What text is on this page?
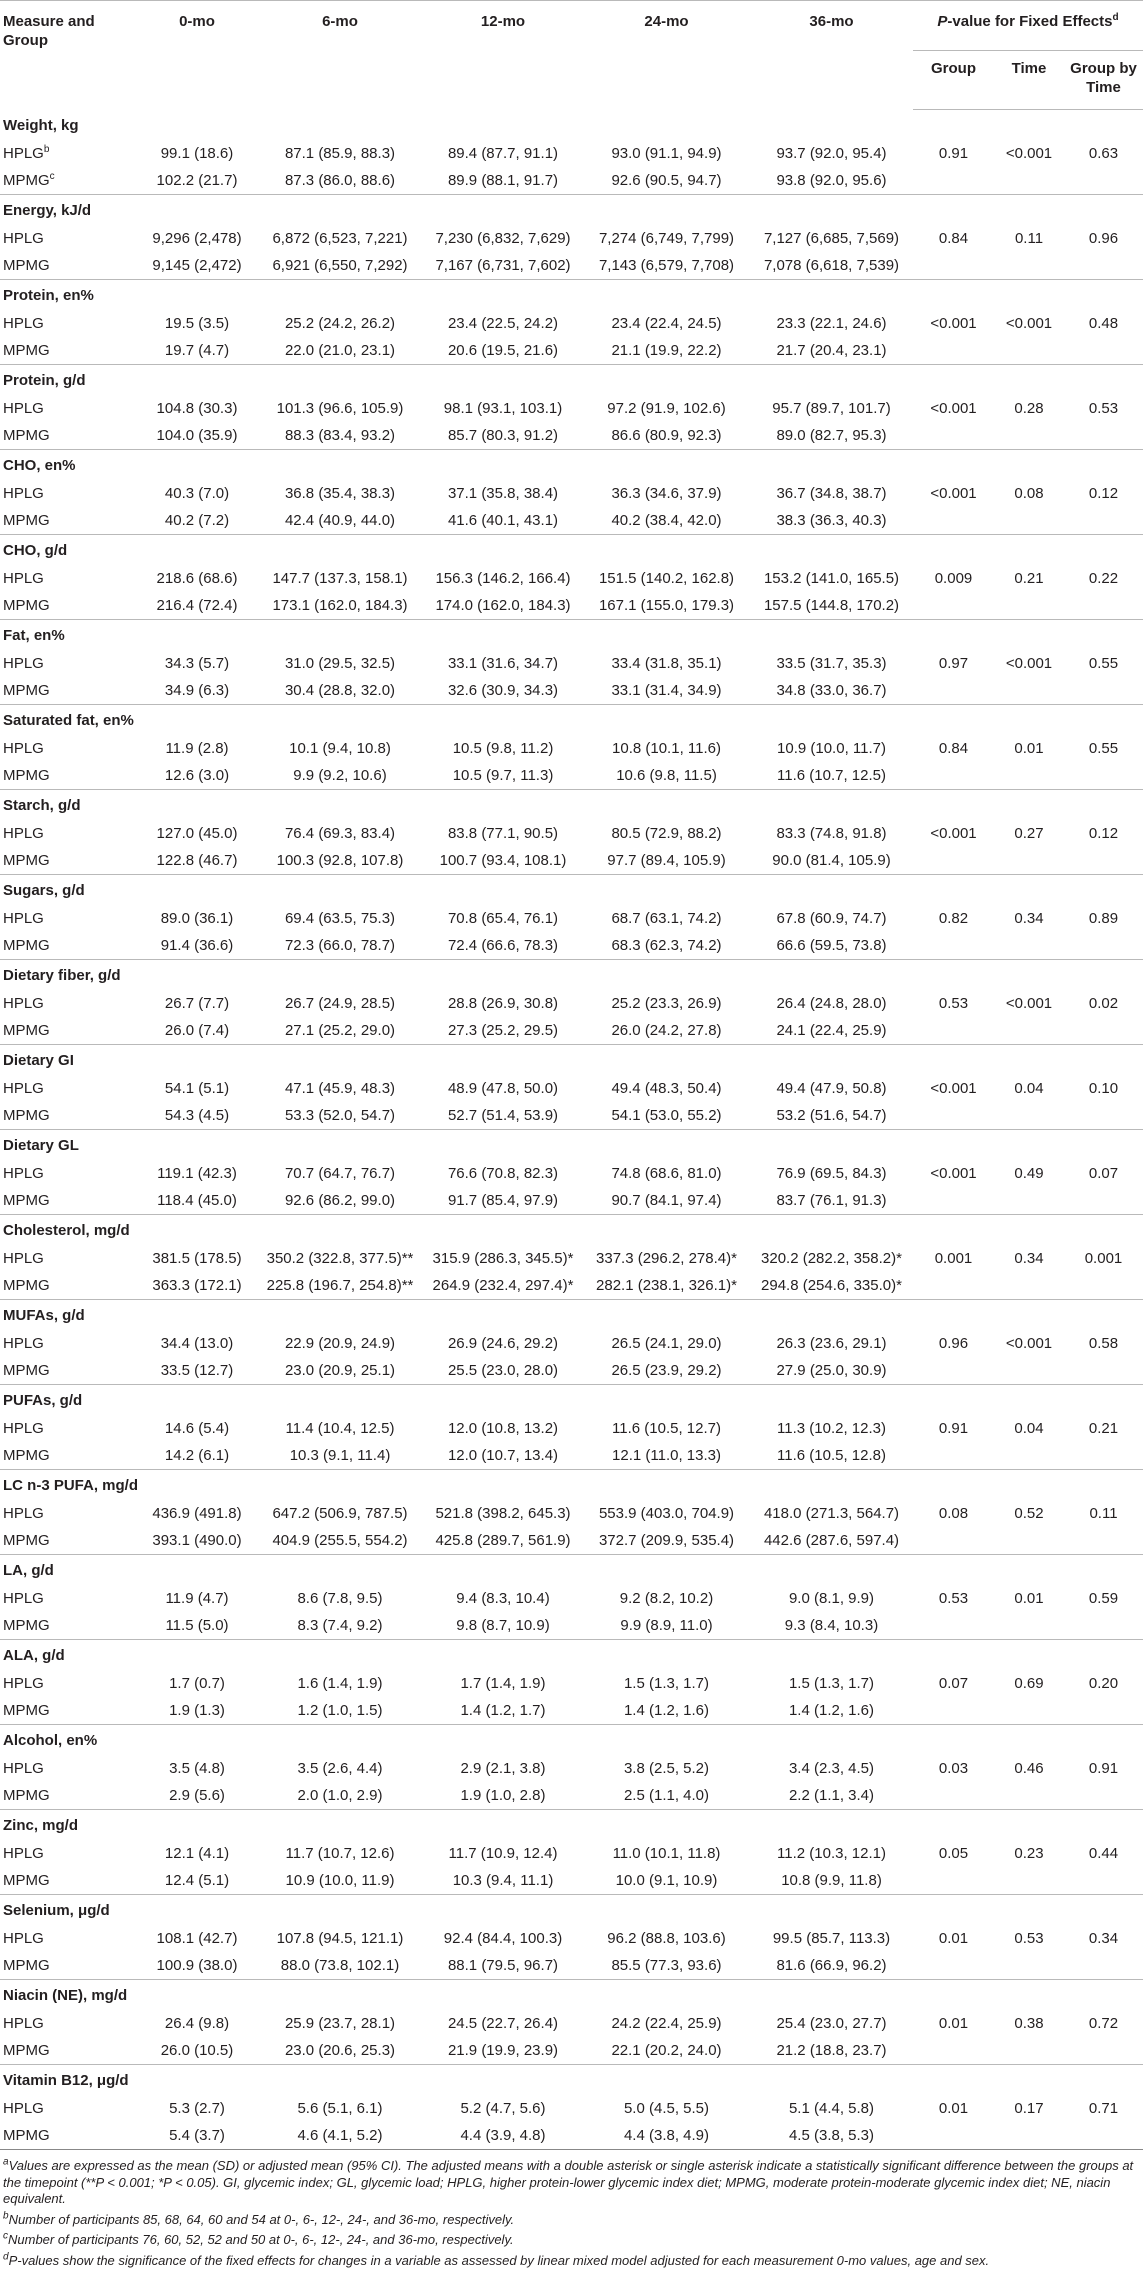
Measure and Group	0-mo	6-mo	12-mo	24-mo	36-mo	P-value for Fixed Effects$^d$
						Group	Time	Group by Time
Weight, kg								
HPLG$^b$	99.1 (18.6)	87.1 (85.9, 88.3)	89.4 (87.7, 91.1)	93.0 (91.1, 94.9)	93.7 (92.0, 95.4)	0.91	<0.001	0.63
MPMG$^c$	102.2 (21.7)	87.3 (86.0, 88.6)	89.9 (88.1, 91.7)	92.6 (90.5, 94.7)	93.8 (92.0, 95.6)			
Energy, kJ/d								
HPLG	9,296 (2,478)	6,872 (6,523, 7,221)	7,230 (6,832, 7,629)	7,274 (6,749, 7,799)	7,127 (6,685, 7,569)	0.84	0.11	0.96
MPMG	9,145 (2,472)	6,921 (6,550, 7,292)	7,167 (6,731, 7,602)	7,143 (6,579, 7,708)	7,078 (6,618, 7,539)			
Protein, en%								
HPLG	19.5 (3.5)	25.2 (24.2, 26.2)	23.4 (22.5, 24.2)	23.4 (22.4, 24.5)	23.3 (22.1, 24.6)	<0.001	<0.001	0.48
MPMG	19.7 (4.7)	22.0 (21.0, 23.1)	20.6 (19.5, 21.6)	21.1 (19.9, 22.2)	21.7 (20.4, 23.1)			
Protein, g/d								
HPLG	104.8 (30.3)	101.3 (96.6, 105.9)	98.1 (93.1, 103.1)	97.2 (91.9, 102.6)	95.7 (89.7, 101.7)	<0.001	0.28	0.53
MPMG	104.0 (35.9)	88.3 (83.4, 93.2)	85.7 (80.3, 91.2)	86.6 (80.9, 92.3)	89.0 (82.7, 95.3)			
CHO, en%								
HPLG	40.3 (7.0)	36.8 (35.4, 38.3)	37.1 (35.8, 38.4)	36.3 (34.6, 37.9)	36.7 (34.8, 38.7)	<0.001	0.08	0.12
MPMG	40.2 (7.2)	42.4 (40.9, 44.0)	41.6 (40.1, 43.1)	40.2 (38.4, 42.0)	38.3 (36.3, 40.3)			
CHO, g/d								
HPLG	218.6 (68.6)	147.7 (137.3, 158.1)	156.3 (146.2, 166.4)	151.5 (140.2, 162.8)	153.2 (141.0, 165.5)	0.009	0.21	0.22
MPMG	216.4 (72.4)	173.1 (162.0, 184.3)	174.0 (162.0, 184.3)	167.1 (155.0, 179.3)	157.5 (144.8, 170.2)			
Fat, en%								
HPLG	34.3 (5.7)	31.0 (29.5, 32.5)	33.1 (31.6, 34.7)	33.4 (31.8, 35.1)	33.5 (31.7, 35.3)	0.97	<0.001	0.55
MPMG	34.9 (6.3)	30.4 (28.8, 32.0)	32.6 (30.9, 34.3)	33.1 (31.4, 34.9)	34.8 (33.0, 36.7)			
Saturated fat, en%								
HPLG	11.9 (2.8)	10.1 (9.4, 10.8)	10.5 (9.8, 11.2)	10.8 (10.1, 11.6)	10.9 (10.0, 11.7)	0.84	0.01	0.55
MPMG	12.6 (3.0)	9.9 (9.2, 10.6)	10.5 (9.7, 11.3)	10.6 (9.8, 11.5)	11.6 (10.7, 12.5)			
Starch, g/d								
HPLG	127.0 (45.0)	76.4 (69.3, 83.4)	83.8 (77.1, 90.5)	80.5 (72.9, 88.2)	83.3 (74.8, 91.8)	<0.001	0.27	0.12
MPMG	122.8 (46.7)	100.3 (92.8, 107.8)	100.7 (93.4, 108.1)	97.7 (89.4, 105.9)	90.0 (81.4, 105.9)			
Sugars, g/d								
HPLG	89.0 (36.1)	69.4 (63.5, 75.3)	70.8 (65.4, 76.1)	68.7 (63.1, 74.2)	67.8 (60.9, 74.7)	0.82	0.34	0.89
MPMG	91.4 (36.6)	72.3 (66.0, 78.7)	72.4 (66.6, 78.3)	68.3 (62.3, 74.2)	66.6 (59.5, 73.8)			
Dietary fiber, g/d								
HPLG	26.7 (7.7)	26.7 (24.9, 28.5)	28.8 (26.9, 30.8)	25.2 (23.3, 26.9)	26.4 (24.8, 28.0)	0.53	<0.001	0.02
MPMG	26.0 (7.4)	27.1 (25.2, 29.0)	27.3 (25.2, 29.5)	26.0 (24.2, 27.8)	24.1 (22.4, 25.9)			
Dietary GI								
HPLG	54.1 (5.1)	47.1 (45.9, 48.3)	48.9 (47.8, 50.0)	49.4 (48.3, 50.4)	49.4 (47.9, 50.8)	<0.001	0.04	0.10
MPMG	54.3 (4.5)	53.3 (52.0, 54.7)	52.7 (51.4, 53.9)	54.1 (53.0, 55.2)	53.2 (51.6, 54.7)			
Dietary GL								
HPLG	119.1 (42.3)	70.7 (64.7, 76.7)	76.6 (70.8, 82.3)	74.8 (68.6, 81.0)	76.9 (69.5, 84.3)	<0.001	0.49	0.07
MPMG	118.4 (45.0)	92.6 (86.2, 99.0)	91.7 (85.4, 97.9)	90.7 (84.1, 97.4)	83.7 (76.1, 91.3)			
Cholesterol, mg/d								
HPLG	381.5 (178.5)	350.2 (322.8, 377.5)**	315.9 (286.3, 345.5)*	337.3 (296.2, 278.4)*	320.2 (282.2, 358.2)*	0.001	0.34	0.001
MPMG	363.3 (172.1)	225.8 (196.7, 254.8)**	264.9 (232.4, 297.4)*	282.1 (238.1, 326.1)*	294.8 (254.6, 335.0)*			
MUFAs, g/d								
HPLG	34.4 (13.0)	22.9 (20.9, 24.9)	26.9 (24.6, 29.2)	26.5 (24.1, 29.0)	26.3 (23.6, 29.1)	0.96	<0.001	0.58
MPMG	33.5 (12.7)	23.0 (20.9, 25.1)	25.5 (23.0, 28.0)	26.5 (23.9, 29.2)	27.9 (25.0, 30.9)			
PUFAs, g/d								
HPLG	14.6 (5.4)	11.4 (10.4, 12.5)	12.0 (10.8, 13.2)	11.6 (10.5, 12.7)	11.3 (10.2, 12.3)	0.91	0.04	0.21
MPMG	14.2 (6.1)	10.3 (9.1, 11.4)	12.0 (10.7, 13.4)	12.1 (11.0, 13.3)	11.6 (10.5, 12.8)			
LC n-3 PUFA, mg/d								
HPLG	436.9 (491.8)	647.2 (506.9, 787.5)	521.8 (398.2, 645.3)	553.9 (403.0, 704.9)	418.0 (271.3, 564.7)	0.08	0.52	0.11
MPMG	393.1 (490.0)	404.9 (255.5, 554.2)	425.8 (289.7, 561.9)	372.7 (209.9, 535.4)	442.6 (287.6, 597.4)			
LA, g/d								
HPLG	11.9 (4.7)	8.6 (7.8, 9.5)	9.4 (8.3, 10.4)	9.2 (8.2, 10.2)	9.0 (8.1, 9.9)	0.53	0.01	0.59
MPMG	11.5 (5.0)	8.3 (7.4, 9.2)	9.8 (8.7, 10.9)	9.9 (8.9, 11.0)	9.3 (8.4, 10.3)			
ALA, g/d								
HPLG	1.7 (0.7)	1.6 (1.4, 1.9)	1.7 (1.4, 1.9)	1.5 (1.3, 1.7)	1.5 (1.3, 1.7)	0.07	0.69	0.20
MPMG	1.9 (1.3)	1.2 (1.0, 1.5)	1.4 (1.2, 1.7)	1.4 (1.2, 1.6)	1.4 (1.2, 1.6)			
Alcohol, en%								
HPLG	3.5 (4.8)	3.5 (2.6, 4.4)	2.9 (2.1, 3.8)	3.8 (2.5, 5.2)	3.4 (2.3, 4.5)	0.03	0.46	0.91
MPMG	2.9 (5.6)	2.0 (1.0, 2.9)	1.9 (1.0, 2.8)	2.5 (1.1, 4.0)	2.2 (1.1, 3.4)			
Zinc, mg/d								
HPLG	12.1 (4.1)	11.7 (10.7, 12.6)	11.7 (10.9, 12.4)	11.0 (10.1, 11.8)	11.2 (10.3, 12.1)	0.05	0.23	0.44
MPMG	12.4 (5.1)	10.9 (10.0, 11.9)	10.3 (9.4, 11.1)	10.0 (9.1, 10.9)	10.8 (9.9, 11.8)			
Selenium, μg/d								
HPLG	108.1 (42.7)	107.8 (94.5, 121.1)	92.4 (84.4, 100.3)	96.2 (88.8, 103.6)	99.5 (85.7, 113.3)	0.01	0.53	0.34
MPMG	100.9 (38.0)	88.0 (73.8, 102.1)	88.1 (79.5, 96.7)	85.5 (77.3, 93.6)	81.6 (66.9, 96.2)			
Niacin (NE), mg/d								
HPLG	26.4 (9.8)	25.9 (23.7, 28.1)	24.5 (22.7, 26.4)	24.2 (22.4, 25.9)	25.4 (23.0, 27.7)	0.01	0.38	0.72
MPMG	26.0 (10.5)	23.0 (20.6, 25.3)	21.9 (19.9, 23.9)	22.1 (20.2, 24.0)	21.2 (18.8, 23.7)			
Vitamin B12, μg/d								
HPLG	5.3 (2.7)	5.6 (5.1, 6.1)	5.2 (4.7, 5.6)	5.0 (4.5, 5.5)	5.1 (4.4, 5.8)	0.01	0.17	0.71
MPMG	5.4 (3.7)	4.6 (4.1, 5.2)	4.4 (3.9, 4.8)	4.4 (3.8, 4.9)	4.5 (3.8, 5.3)			

$^a$Values are expressed as the mean (SD) or adjusted mean (95% CI). The adjusted means with a double asterisk or single asterisk indicate a statistically significant difference between the groups at the timepoint (**P < 0.001; *P < 0.05). GI, glycemic index; GL, glycemic load; HPLG, higher protein-lower glycemic index diet; MPMG, moderate protein-moderate glycemic index diet; NE, niacin equivalent.

$^b$Number of participants 85, 68, 64, 60 and 54 at 0-, 6-, 12-, 24-, and 36-mo, respectively.

$^c$Number of participants 76, 60, 52, 52 and 50 at 0-, 6-, 12-, 24-, and 36-mo, respectively.

$^d$P-values show the significance of the fixed effects for changes in a variable as assessed by linear mixed model adjusted for each measurement 0-mo values, age and sex.
